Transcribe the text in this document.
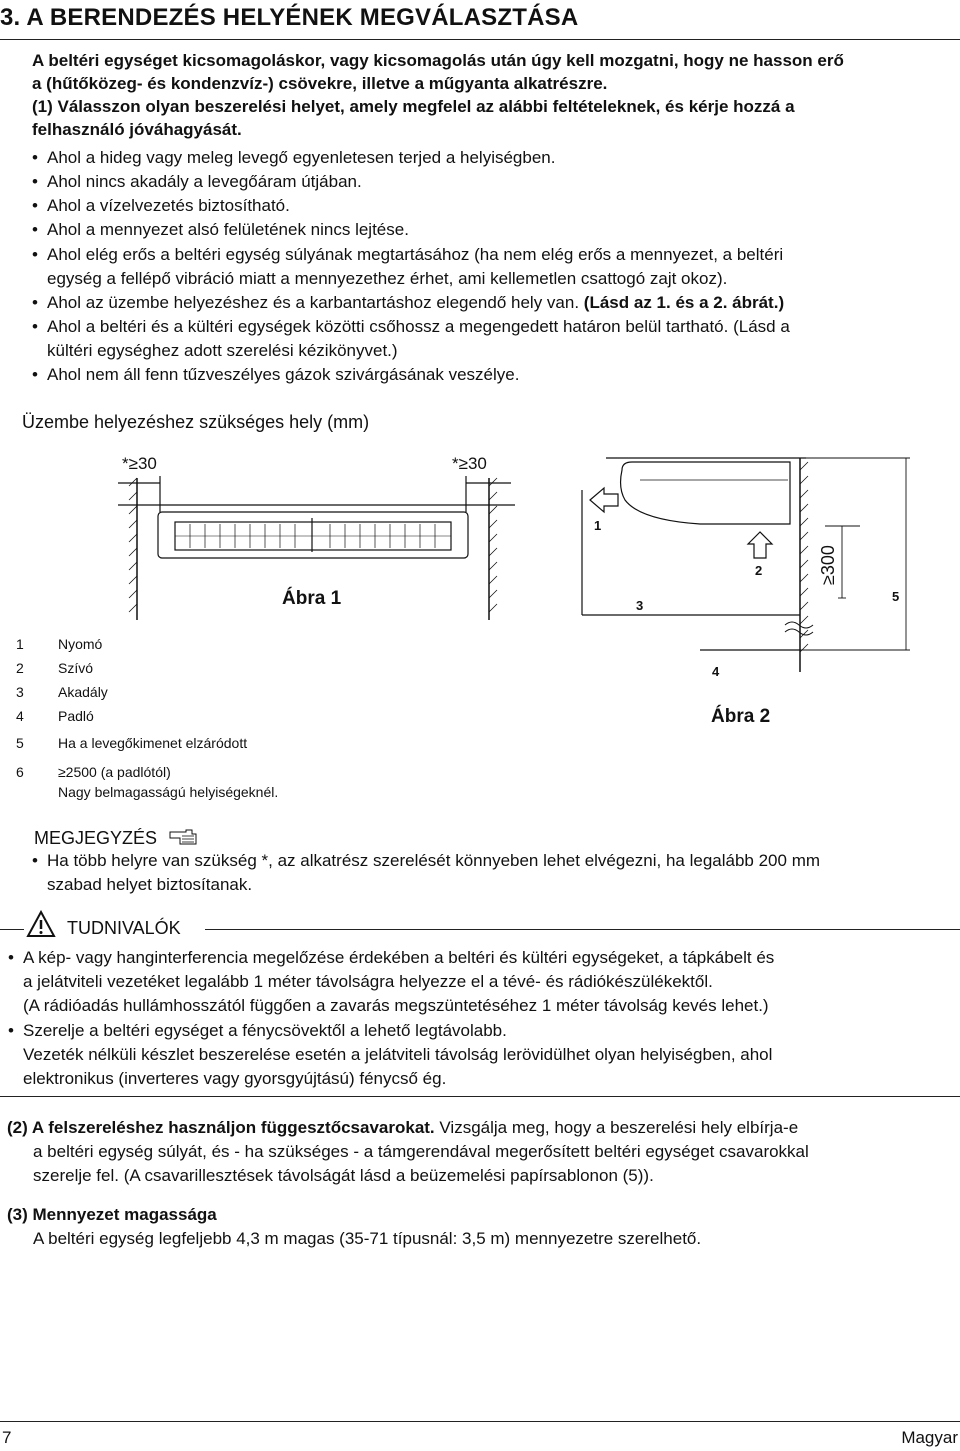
3. A BERENDEZÉS HELYÉNEK MEGVÁLASZTÁSA
A beltéri egységet kicsomagoláskor, vagy kicsomagolás után úgy kell mozgatni, hogy ne hasson erő
a (hűtőközeg- és kondenzvíz-) csövekre, illetve a műgyanta alkatrészre.
(1) Válasszon olyan beszerelési helyet, amely megfelel az alábbi feltételeknek, és kérje hozzá a
felhasználó jóváhagyását.
• Ahol a hideg vagy meleg levegő egyenletesen terjed a helyiségben.
• Ahol nincs akadály a levegőáram útjában.
• Ahol a vízelvezetés biztosítható.
• Ahol a mennyezet alsó felületének nincs lejtése.
• Ahol elég erős a beltéri egység súlyának megtartásához (ha nem elég erős a mennyezet, a beltéri
egység a fellépő vibráció miatt a mennyezethez érhet, ami kellemetlen csattogó zajt okoz).
• Ahol az üzembe helyezéshez és a karbantartáshoz elegendő hely van. (Lásd az 1. és a 2. ábrát.)
• Ahol a beltéri és a kültéri egységek közötti csőhossz a megengedett határon belül tartható. (Lásd a
kültéri egységhez adott szerelési kézikönyvet.)
• Ahol nem áll fenn tűzveszélyes gázok szivárgásának veszélye.
Üzembe helyezéshez szükséges hely (mm)
*≥30	*≥30
Ábra 1
1
2
3
4
5
≥300
Ábra 2
1 Nyomó
2 Szívó
3 Akadály
4 Padló
5 Ha a levegőkimenet elzáródott
6 ≥2500 (a padlótól)
Nagy belmagasságú helyiségeknél.
MEGJEGYZÉS
• Ha több helyre van szükség *, az alkatrész szerelését könnyeben lehet elvégezni, ha legalább 200 mm
szabad helyet biztosítanak.
TUDNIVALÓK
• A kép- vagy hanginterferencia megelőzése érdekében a beltéri és kültéri egységeket, a tápkábelt és
a jelátviteli vezetéket legalább 1 méter távolságra helyezze el a tévé- és rádiókészülékektől.
(A rádióadás hullámhosszától függően a zavarás megszüntetéséhez 1 méter távolság kevés lehet.)
• Szerelje a beltéri egységet a fénycsövektől a lehető legtávolabb.
Vezeték nélküli készlet beszerelése esetén a jelátviteli távolság lerövidülhet olyan helyiségben, ahol
elektronikus (inverteres vagy gyorsgyújtású) fénycső ég.
(2) A felszereléshez használjon függesztőcsavarokat. Vizsgálja meg, hogy a beszerelési hely elbírja-e
a beltéri egység súlyát, és - ha szükséges - a támgerendával megerősített beltéri egységet csavarokkal
szerelje fel. (A csavarillesztések távolságát lásd a beüzemelési papírsablonon (5)).
(3) Mennyezet magassága
A beltéri egység legfeljebb 4,3 m magas (35-71 típusnál: 3,5 m) mennyezetre szerelhető.
7	Magyar
